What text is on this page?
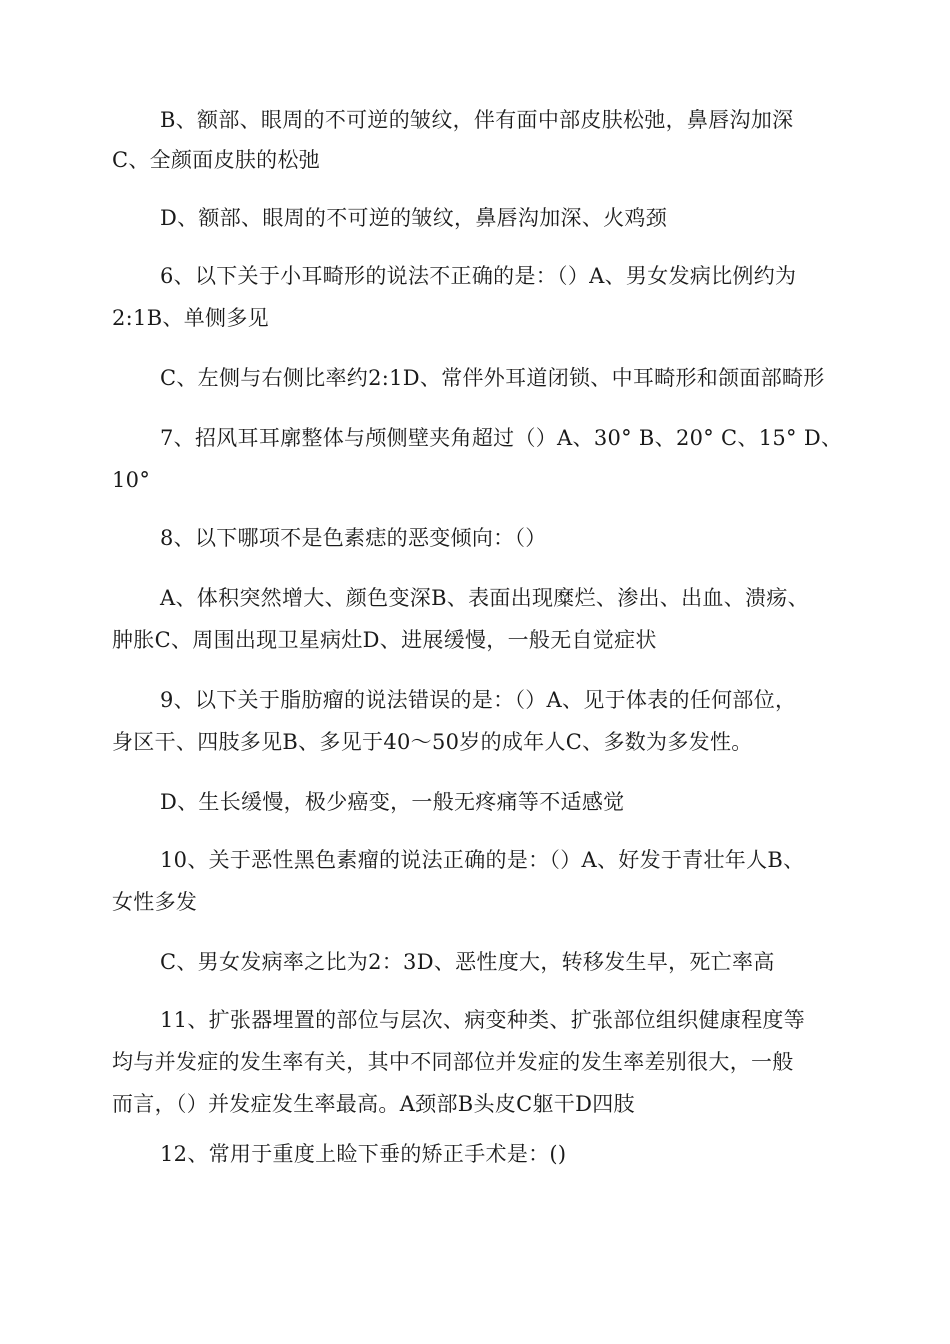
B、额部、眼周的不可逆的皱纹，伴有面中部皮肤松弛，鼻唇沟加深

C、全颜面皮肤的松弛

D、额部、眼周的不可逆的皱纹，鼻唇沟加深、火鸡颈

6、以下关于小耳畸形的说法不正确的是：（）A、男女发病比例约为

2:1B、单侧多见

C、左侧与右侧比率约2:1D、常伴外耳道闭锁、中耳畸形和颌面部畸形

7、招风耳耳廓整体与颅侧壁夹角超过（）A、30° B、20° C、15° D、

10°

8、以下哪项不是色素痣的恶变倾向：（）

A、体积突然增大、颜色变深B、表面出现糜烂、渗出、出血、溃疡、

肿胀C、周围出现卫星病灶D、进展缓慢，一般无自觉症状

9、以下关于脂肪瘤的说法错误的是：（）A、见于体表的任何部位，

身区干、四肢多见B、多见于40〜50岁的成年人C、多数为多发性。

D、生长缓慢，极少癌变，一般无疼痛等不适感觉

10、关于恶性黑色素瘤的说法正确的是：（）A、好发于青壮年人B、

女性多发

C、男女发病率之比为2：3D、恶性度大，转移发生早，死亡率高

11、扩张器埋置的部位与层次、病变种类、扩张部位组织健康程度等

均与并发症的发生率有关，其中不同部位并发症的发生率差别很大，一般

而言，（）并发症发生率最高。A颈部B头皮C躯干D四肢

12、常用于重度上睑下垂的矫正手术是：()
